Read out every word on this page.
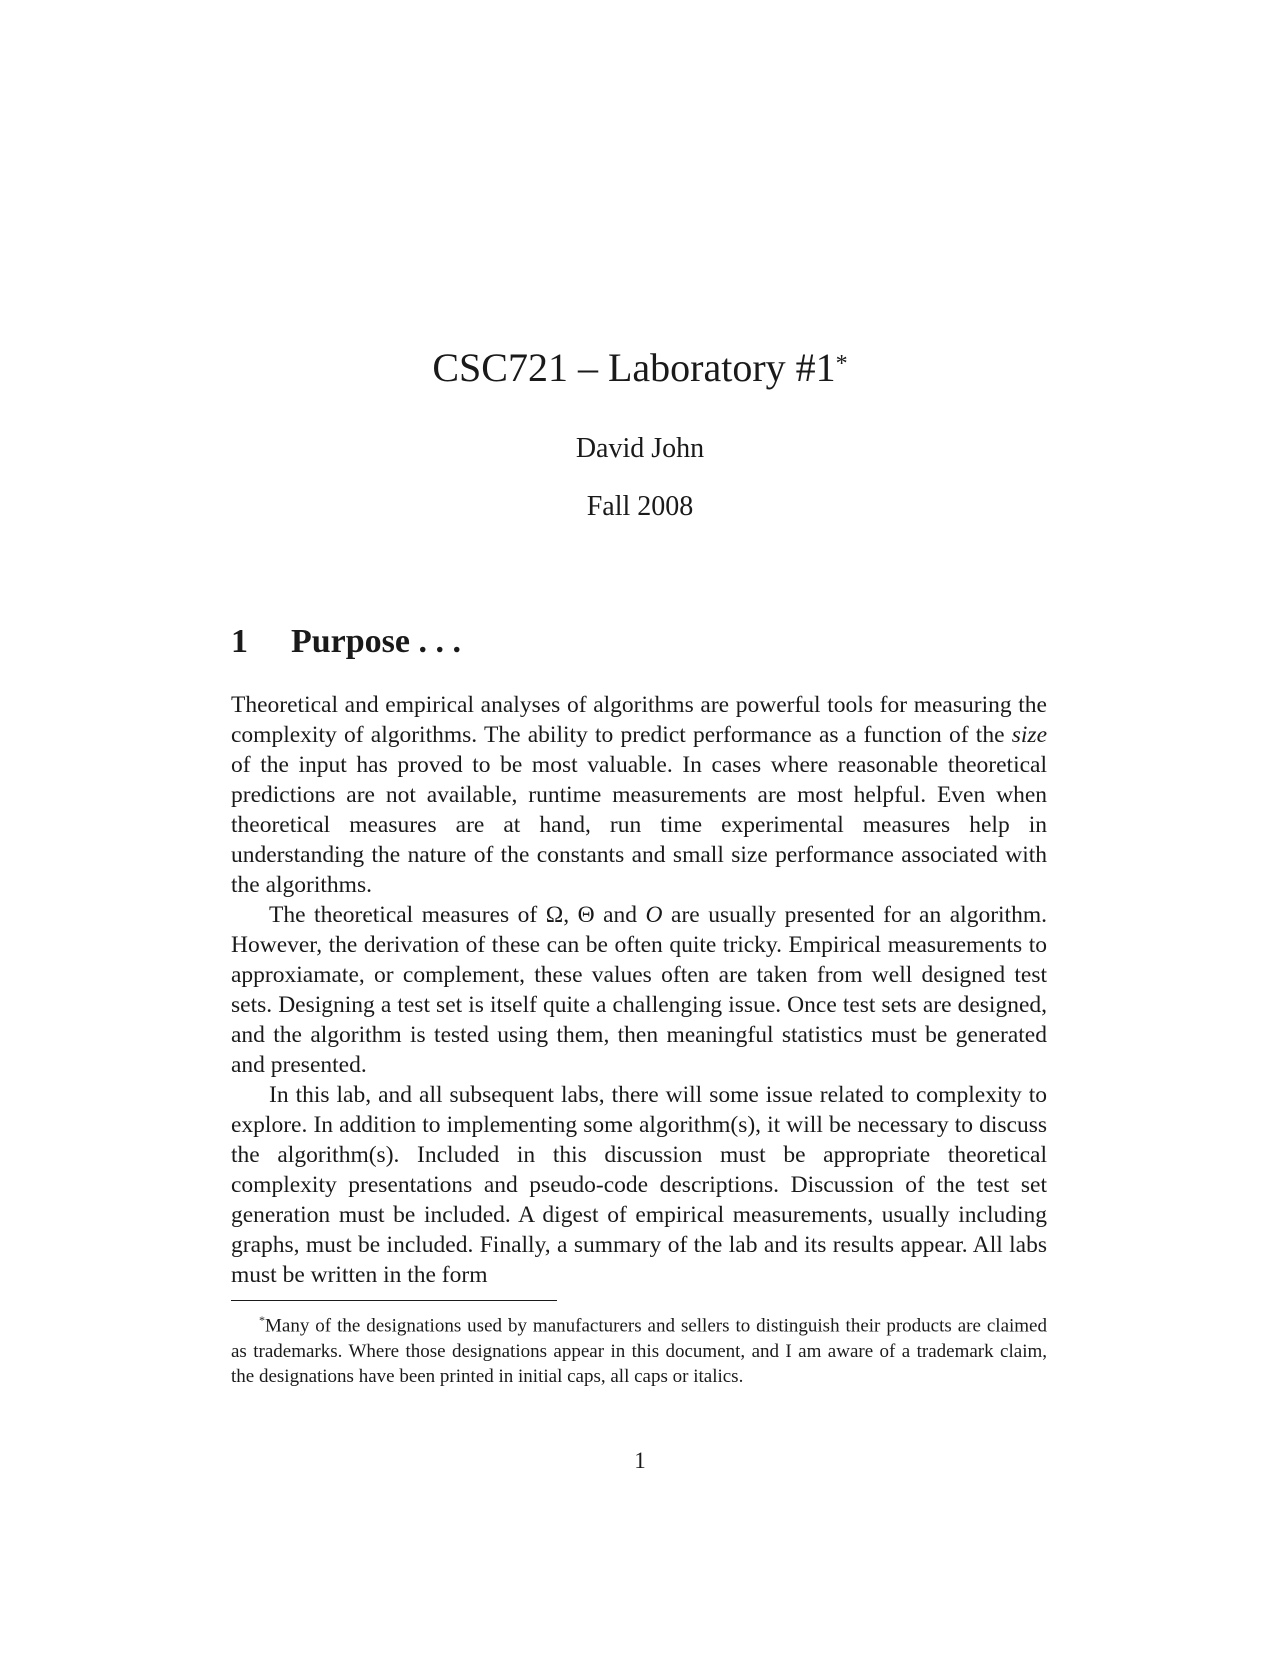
CSC721 – Laboratory #1*
David John
Fall 2008
1 Purpose . . .

Theoretical and empirical analyses of algorithms are powerful tools for measuring the complexity of algorithms. The ability to predict performance as a function of the size of the input has proved to be most valuable. In cases where reasonable theoretical predictions are not available, runtime measurements are most helpful. Even when theoretical measures are at hand, run time experimental measures help in understanding the nature of the constants and small size performance associated with the algorithms.

The theoretical measures of Ω, Θ and O are usually presented for an algorithm. However, the derivation of these can be often quite tricky. Empirical measurements to approxiamate, or complement, these values often are taken from well designed test sets. Designing a test set is itself quite a challenging issue. Once test sets are designed, and the algorithm is tested using them, then meaningful statistics must be generated and presented.

In this lab, and all subsequent labs, there will some issue related to complexity to explore. In addition to implementing some algorithm(s), it will be necessary to discuss the algorithm(s). Included in this discussion must be appropriate theoretical complexity presentations and pseudo-code descriptions. Discussion of the test set generation must be included. A digest of empirical measurements, usually including graphs, must be included. Finally, a summary of the lab and its results appear. All labs must be written in the form

*Many of the designations used by manufacturers and sellers to distinguish their products are claimed as trademarks. Where those designations appear in this document, and I am aware of a trademark claim, the designations have been printed in initial caps, all caps or italics.

1
